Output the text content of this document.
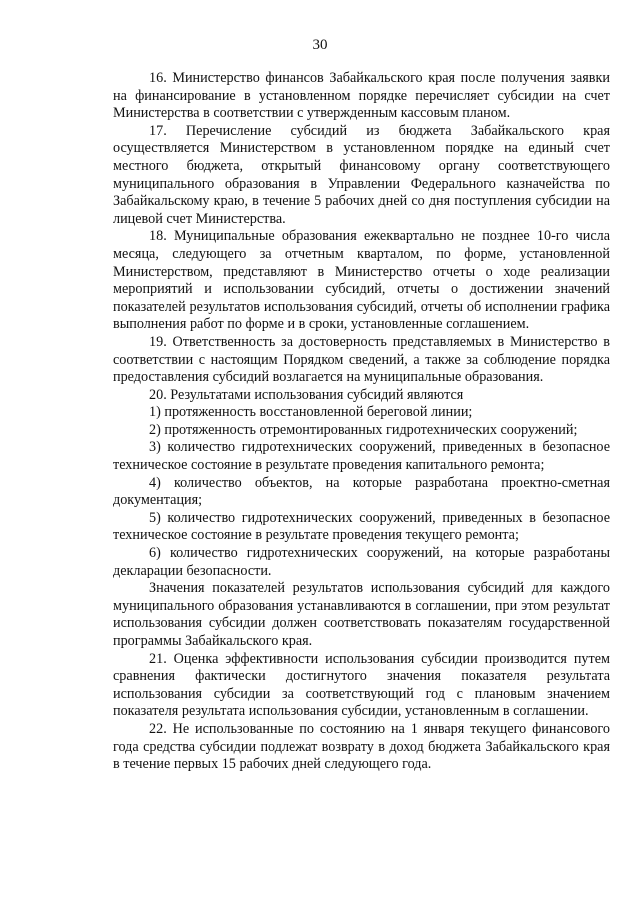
30

16. Министерство финансов Забайкальского края после получения заявки на финансирование в установленном порядке перечисляет субсидии на счет Министерства в соответствии с утвержденным кассовым планом.

17. Перечисление субсидий из бюджета Забайкальского края осуществляется Министерством в установленном порядке на единый счет местного бюджета, открытый финансовому органу соответствующего муниципального образования в Управлении Федерального казначейства по Забайкальскому краю, в течение 5 рабочих дней со дня поступления субсидии на лицевой счет Министерства.

18. Муниципальные образования ежеквартально не позднее 10-го числа месяца, следующего за отчетным кварталом, по форме, установленной Министерством, представляют в Министерство отчеты о ходе реализации мероприятий и использовании субсидий, отчеты о достижении значений показателей результатов использования субсидий, отчеты об исполнении графика выполнения работ по форме и в сроки, установленные соглашением.

19. Ответственность за достоверность представляемых в Министерство в соответствии с настоящим Порядком сведений, а также за соблюдение порядка предоставления субсидий возлагается на муниципальные образования.

20. Результатами использования субсидий являются

1) протяженность восстановленной береговой линии;

2) протяженность отремонтированных гидротехнических сооружений;

3) количество гидротехнических сооружений, приведенных в безопасное техническое состояние в результате проведения капитального ремонта;

4) количество объектов, на которые разработана проектно-сметная документация;

5) количество гидротехнических сооружений, приведенных в безопасное техническое состояние в результате проведения текущего ремонта;

6) количество гидротехнических сооружений, на которые разработаны декларации безопасности.

Значения показателей результатов использования субсидий для каждого муниципального образования устанавливаются в соглашении, при этом результат использования субсидии должен соответствовать показателям государственной программы Забайкальского края.

21. Оценка эффективности использования субсидии производится путем сравнения фактически достигнутого значения показателя результата использования субсидии за соответствующий год с плановым значением показателя результата использования субсидии, установленным в соглашении.

22. Не использованные по состоянию на 1 января текущего финансового года средства субсидии подлежат возврату в доход бюджета Забайкальского края в течение первых 15 рабочих дней следующего года.
